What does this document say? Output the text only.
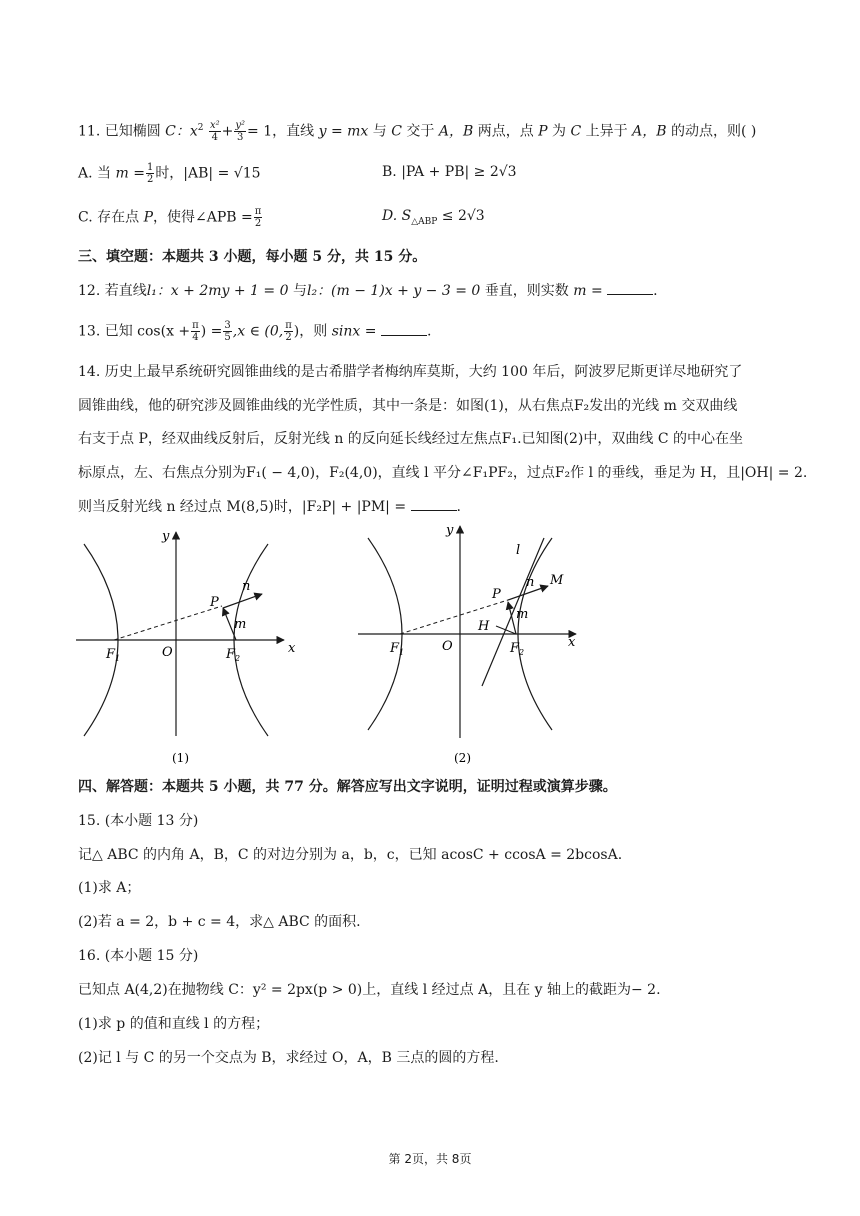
11. 已知椭圆 C：$x^2 \frac{\text{x²}}{4} + \frac{\text{y²}}{3} = 1$，直线 y = mx 与 C 交于 A，B 两点，点 P 为 C 上异于 A，B 的动点，则( )
A. 当 $m = \frac{1}{2}$ 时，|AB| = √15	B. |PA + PB| ≥ 2√3
C. 存在点 P，使得∠APB = $\frac{\pi}{2}$	D. $S_{\triangle ABP} \le 2√3$
三、填空题：本题共 3 小题，每小题 5 分，共 15 分。
12. 若直线l₁：x + 2my + 1 = 0 与l₂：(m − 1)x + y − 3 = 0 垂直，则实数 m =	.
13. 已知 $\cos(x + \frac{\pi}{4}$ ) = $\frac{3}{5} ,x$ ∈ (0, $\frac{\pi}{2}$ )，则 sinx =	.
14. 历史上最早系统研究圆锥曲线的是古希腊学者梅纳库莫斯，大约 100 年后，阿波罗尼斯更详尽地研究了
圆锥曲线，他的研究涉及圆锥曲线的光学性质，其中一条是：如图(1)，从右焦点F₂发出的光线 m 交双曲线
右支于点 P，经双曲线反射后，反射光线 n 的反向延长线经过左焦点F₁.已知图(2)中，双曲线 C 的中心在坐
标原点，左、右焦点分别为F₁( − 4,0)，F₂(4,0)，直线 l 平分∠F₁PF₂，过点F₂作 l 的垂线，垂足为 H，且|OH| = 2.
则当反射光线 n 经过点 M(8,5)时，|F₂P| + |PM| =	.
y
x
O
$F_1$	$F_2$
P
n
m
(1)
y
x
O
$F_1$	$F_2$
P
n M
m
l
H
(2)
四、解答题：本题共 5 小题，共 77 分。解答应写出文字说明，证明过程或演算步骤。
15. (本小题 13 分)
记△ ABC 的内角 A，B，C 的对边分别为 a，b，c，已知 acosC + ccosA = 2bcosA.
(1)求 A；
(2)若 a = 2，b + c = 4，求△ ABC 的面积.
16. (本小题 15 分)
已知点 A(4,2)在抛物线 C：y² = 2px(p > 0)上，直线 l 经过点 A，且在 y 轴上的截距为− 2.
(1)求 p 的值和直线 l 的方程；
(2)记 l 与 C 的另一个交点为 B，求经过 O，A，B 三点的圆的方程.
第 2页，共 8页
